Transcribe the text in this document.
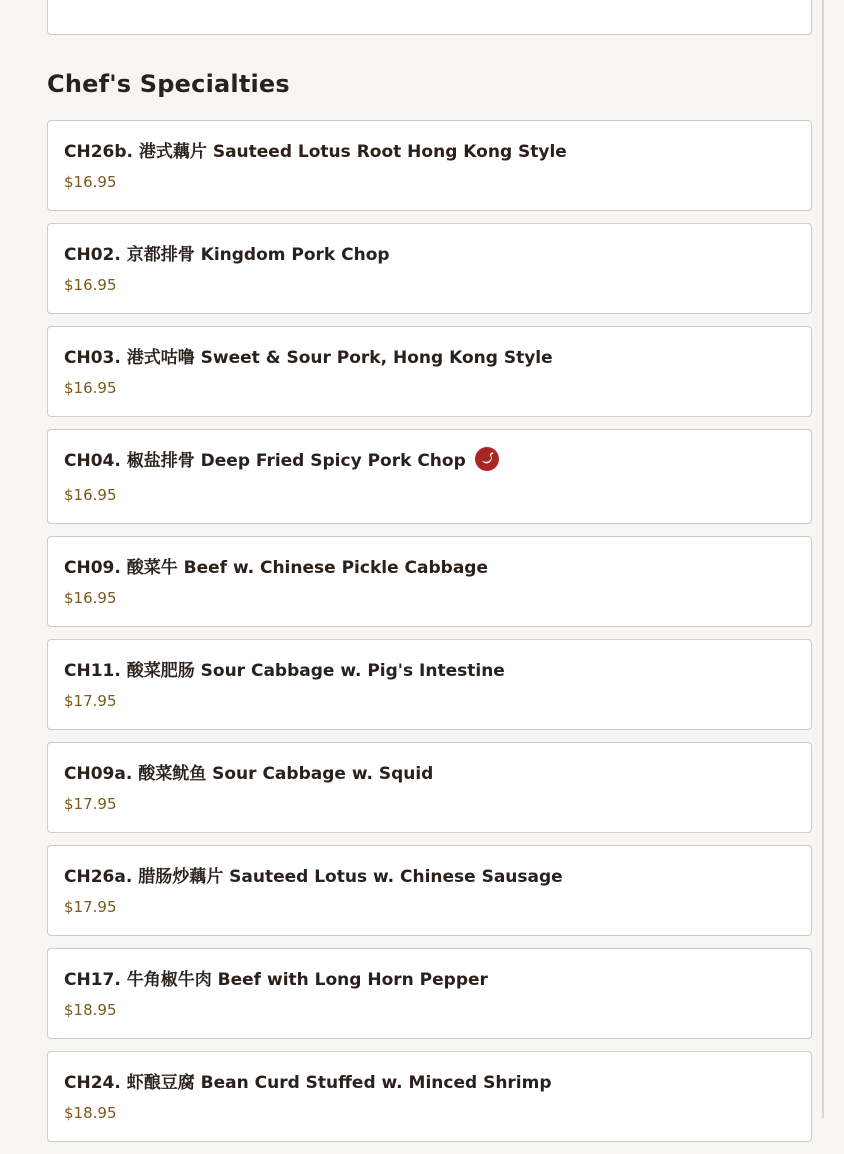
Chef's Specialties
CH26b. 港式藕片 Sauteed Lotus Root Hong Kong Style
$16.95
CH02. 京都排骨 Kingdom Pork Chop
$16.95
CH03. 港式咕噜 Sweet & Sour Pork, Hong Kong Style
$16.95
CH04. 椒盐排骨 Deep Fried Spicy Pork Chop
$16.95
CH09. 酸菜牛 Beef w. Chinese Pickle Cabbage
$16.95
CH11. 酸菜肥肠 Sour Cabbage w. Pig's Intestine
$17.95
CH09a. 酸菜鱿鱼 Sour Cabbage w. Squid
$17.95
CH26a. 腊肠炒藕片 Sauteed Lotus w. Chinese Sausage
$17.95
CH17. 牛角椒牛肉 Beef with Long Horn Pepper
$18.95
CH24. 虾酿豆腐 Bean Curd Stuffed w. Minced Shrimp
$18.95
